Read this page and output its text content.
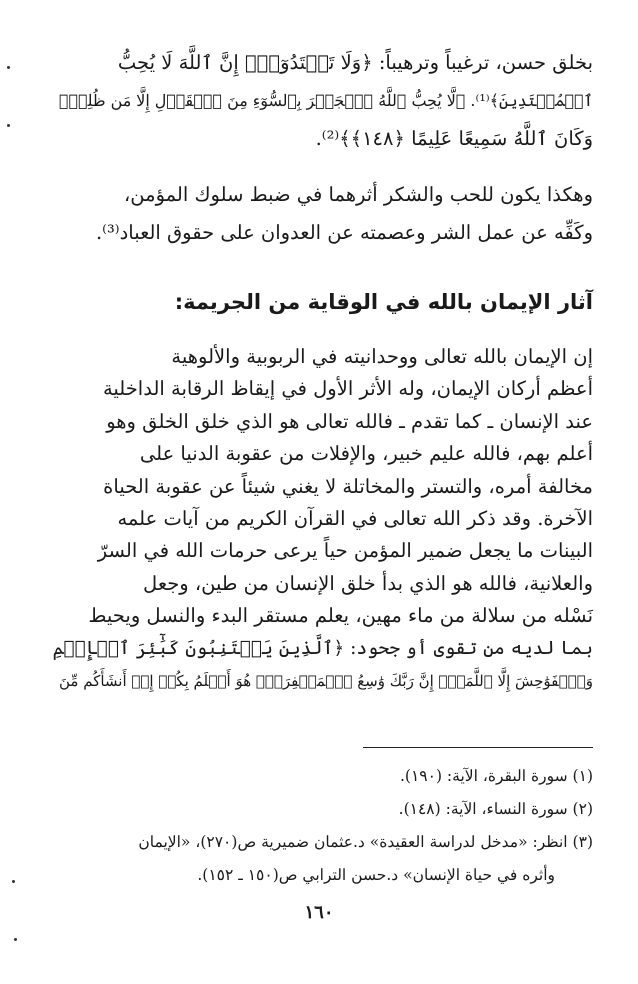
بخلق حسن، ترغيباً وترهيباً: ﴿وَلَا تَعۡتَدُوٓاْۚ إِنَّ ٱللَّهَ لَا يُحِبُّ
ٱلۡمُعۡتَدِينَ﴾⁽¹⁾. ﴿لَّا يُحِبُّ ٱللَّهُ ٱلۡجَهۡرَ بِٱلسُّوٓءِ مِنَ ٱلۡقَوۡلِ إِلَّا مَن ظُلِمَۚ
وَكَانَ ٱللَّهُ سَمِيعًا عَلِيمًا ﴿١٤٨﴾﴾⁽²⁾.
وهكذا يكون للحب والشكر أثرهما في ضبط سلوك المؤمن،
وكَفِّه عن عمل الشر وعصمته عن العدوان على حقوق العباد⁽³⁾.
آثار الإيمان بالله في الوقاية من الجريمة:
إن الإيمان بالله تعالى ووحدانيته في الربوبية والألوهية
أعظم أركان الإيمان، وله الأثر الأول في إيقاظ الرقابة الداخلية
عند الإنسان ـ كما تقدم ـ فالله تعالى هو الذي خلق الخلق وهو
أعلم بهم، فالله عليم خبير، والإفلات من عقوبة الدنيا على
مخالفة أمره، والتستر والمخاتلة لا يغني شيئاً عن عقوبة الحياة
الآخرة. وقد ذكر الله تعالى في القرآن الكريم من آيات علمه
البينات ما يجعل ضمير المؤمن حياً يرعى حرمات الله في السرّ
والعلانية، فالله هو الذي بدأ خلق الإنسان من طين، وجعل
نَسْله من سلالة من ماء مهين، يعلم مستقر البدء والنسل ويحيط
بما لديه من تقوى أو جحود: ﴿ٱلَّذِينَ يَجۡتَنِبُونَ كَبَٰٓئِرَ ٱلۡإِثۡمِ
وَٱلۡفَوَٰحِشَ إِلَّا ٱللَّمَمَۚ إِنَّ رَبَّكَ وَٰسِعُ ٱلۡمَغۡفِرَةِۚ هُوَ أَعۡلَمُ بِكُمۡ إِذۡ أَنشَأَكُم مِّنَ
(١) سورة البقرة، الآية: (١٩٠).
(٢) سورة النساء، الآية: (١٤٨).
(٣) انظر: «مدخل لدراسة العقيدة» د.عثمان ضميرية ص(٢٧٠)، «الإيمان
وأثره في حياة الإنسان» د.حسن الترابي ص(١٥٠ ـ ١٥٢).
١٦٠
